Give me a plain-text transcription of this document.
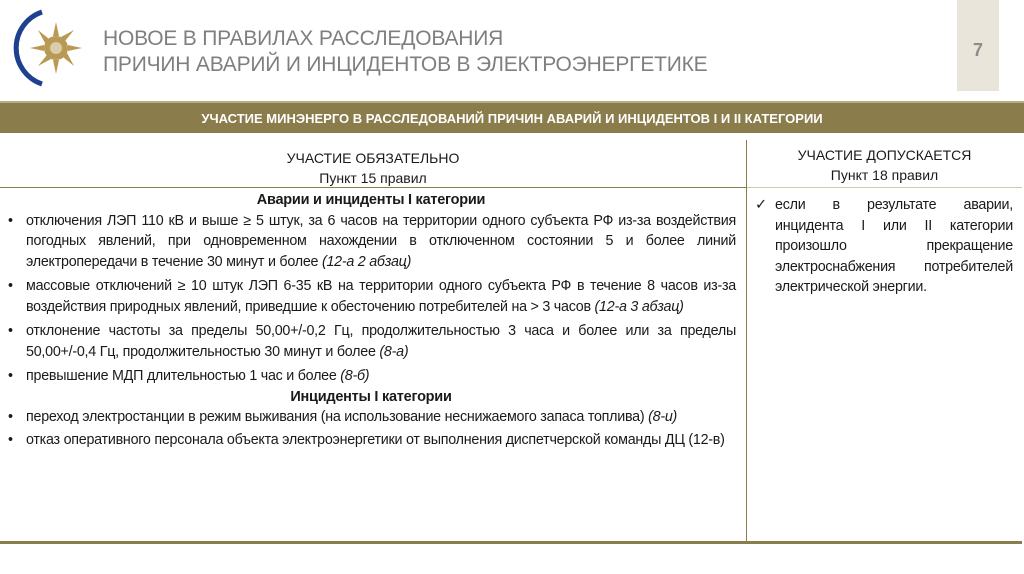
НОВОЕ В ПРАВИЛАХ РАССЛЕДОВАНИЯ
ПРИЧИН АВАРИЙ И ИНЦИДЕНТОВ В ЭЛЕКТРОЭНЕРГЕТИКЕ
7
УЧАСТИЕ МИНЭНЕРГО В РАССЛЕДОВАНИЙ ПРИЧИН АВАРИЙ И ИНЦИДЕНТОВ I И II КАТЕГОРИИ
УЧАСТИЕ ОБЯЗАТЕЛЬНО
Пункт 15 правил
УЧАСТИЕ ДОПУСКАЕТСЯ
Пункт 18 правил
Аварии и инциденты I категории
• отключения ЛЭП 110 кВ и выше ≥ 5 штук, за 6 часов на территории одного субъекта РФ из-за воздействия погодных явлений, при одновременном нахождении в отключенном состоянии 5 и более линий электропередачи в течение 30 минут и более (12-а 2 абзац)
• массовые отключений ≥ 10 штук ЛЭП 6-35 кВ на территории одного субъекта РФ в течение 8 часов из-за воздействия природных явлений, приведшие к обесточению потребителей на > 3 часов (12-а 3 абзац)
• отклонение частоты за пределы 50,00+/-0,2 Гц, продолжительностью 3 часа и более или за пределы 50,00+/-0,4 Гц, продолжительностью 30 минут и более (8-а)
• превышение МДП длительностью 1 час и более (8-б)
Инциденты I категории
• переход электростанции в режим выживания (на использование неснижаемого запаса топлива) (8-и)
• отказ оперативного персонала объекта электроэнергетики от выполнения диспетчерской команды ДЦ (12-в)
✓ если в результате аварии, инцидента I или II категории произошло прекращение электроснабжения потребителей электрической энергии.
